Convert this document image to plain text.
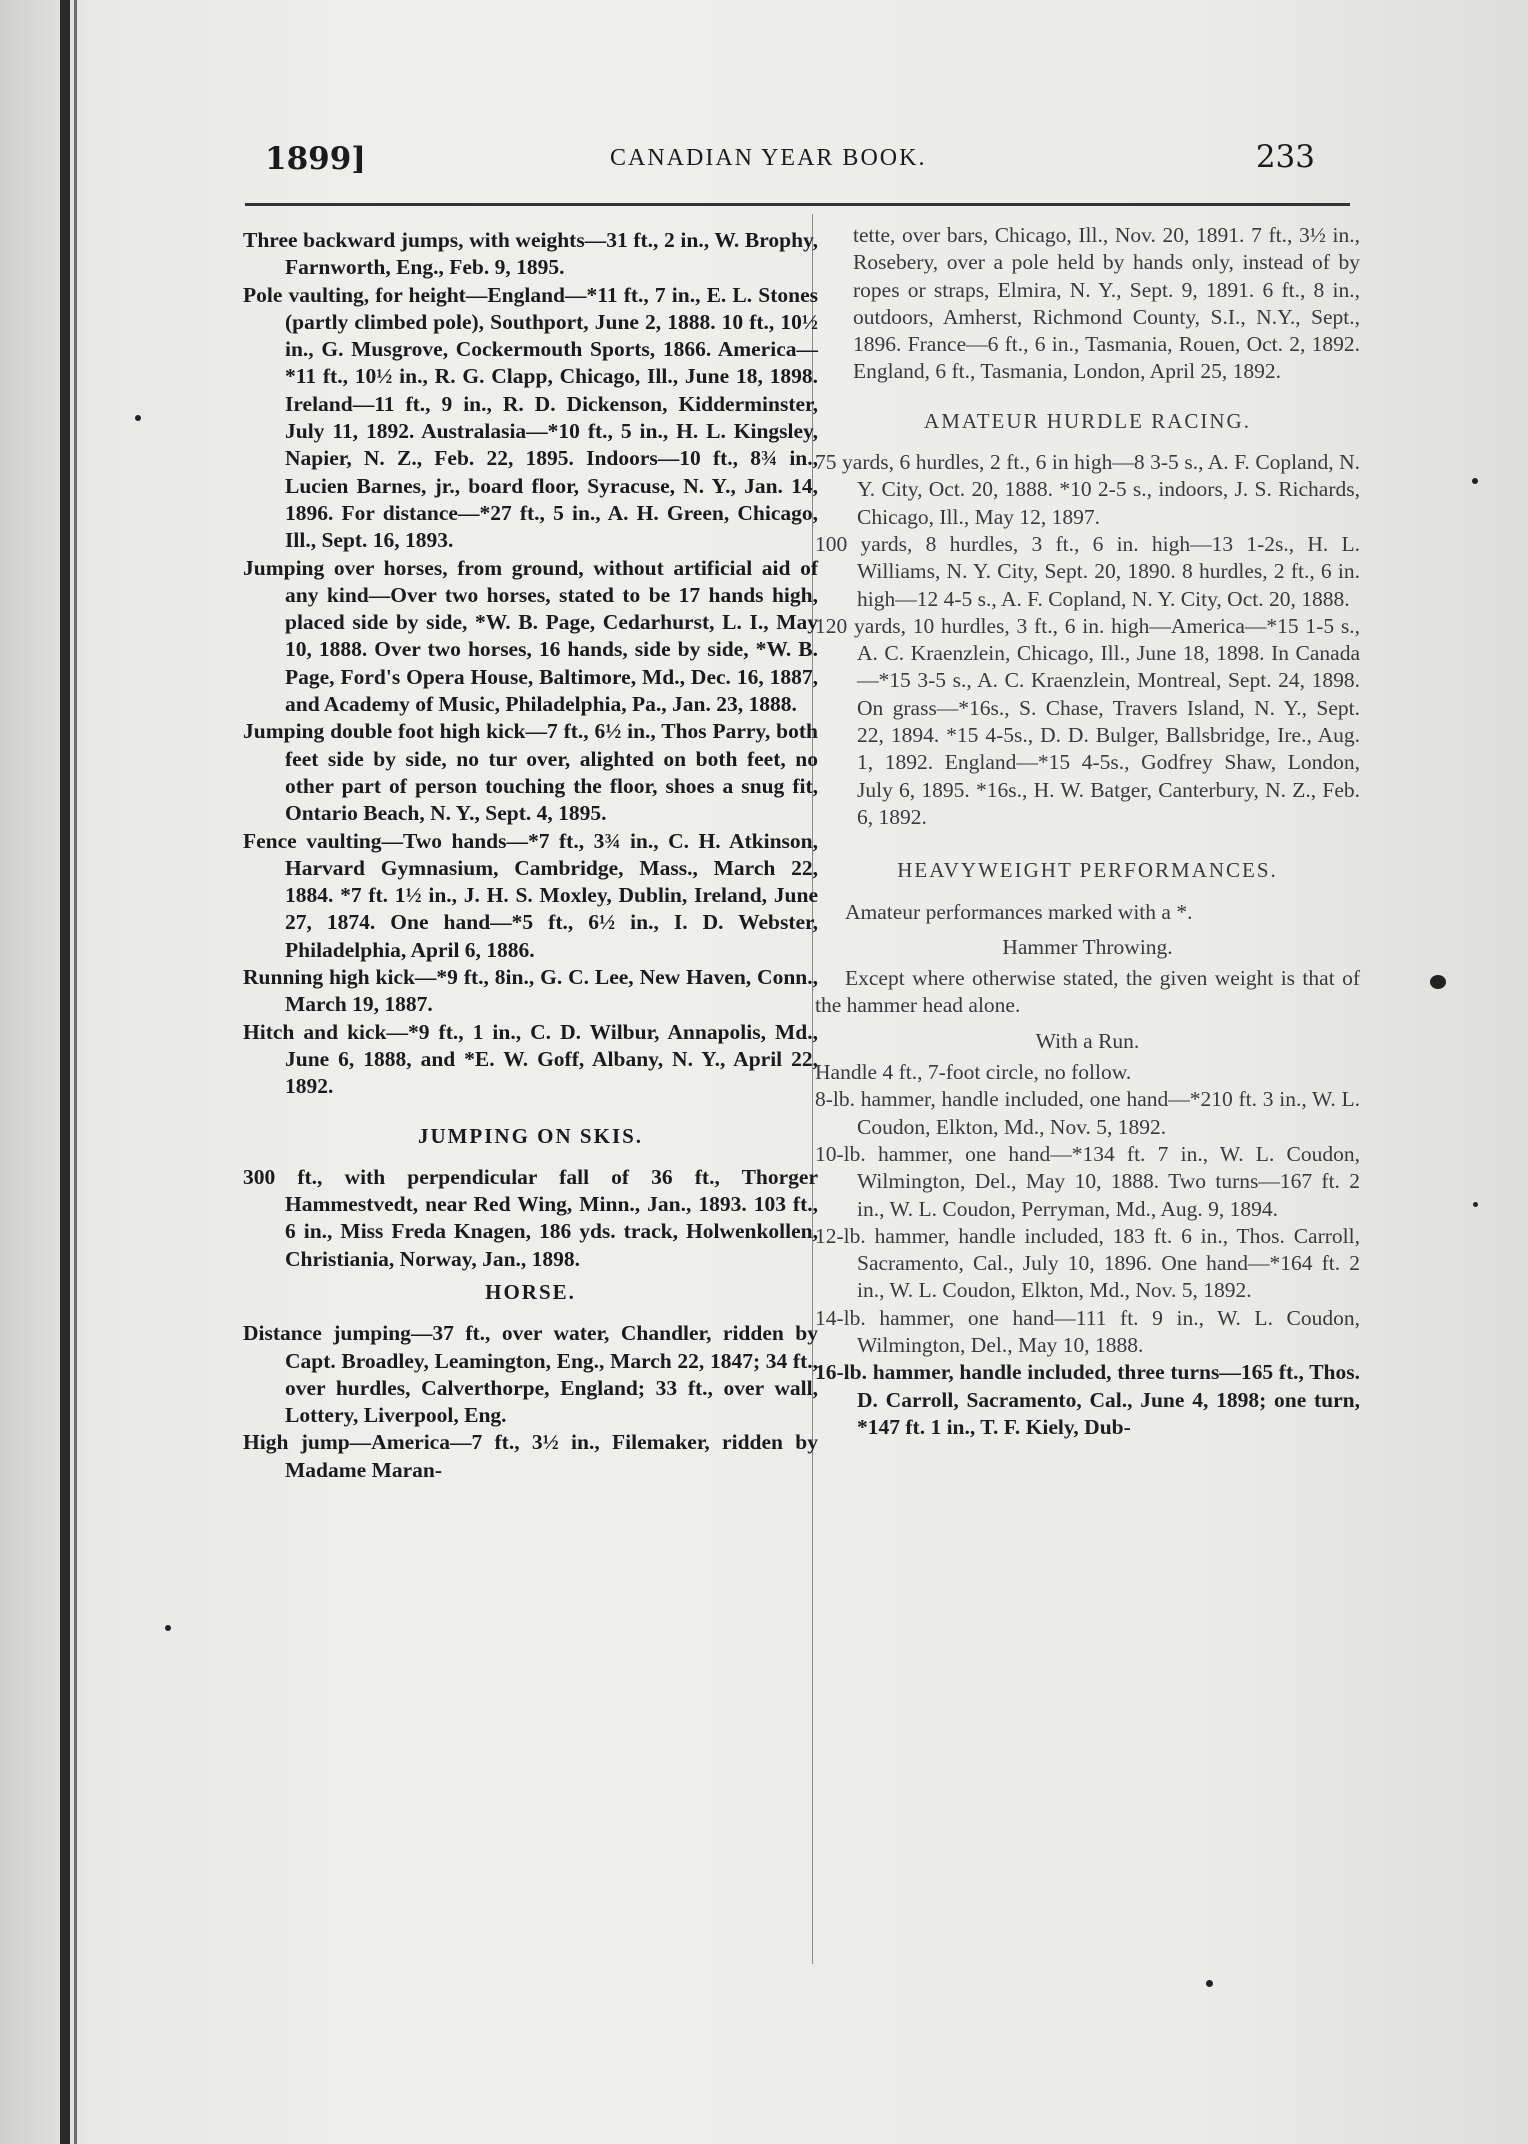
1899]	CANADIAN YEAR BOOK.	233

Three backward jumps, with weights—31 ft., 2 in., W. Brophy, Farnworth, Eng., Feb. 9, 1895.

Pole vaulting, for height—England—*11 ft., 7 in., E. L. Stones (partly climbed pole), Southport, June 2, 1888. 10 ft., 10½ in., G. Musgrove, Cockermouth Sports, 1866. America—*11 ft., 10½ in., R. G. Clapp, Chicago, Ill., June 18, 1898. Ireland—11 ft., 9 in., R. D. Dickenson, Kidderminster, July 11, 1892. Australasia—*10 ft., 5 in., H. L. Kingsley, Napier, N. Z., Feb. 22, 1895. Indoors—10 ft., 8¾ in., Lucien Barnes, jr., board floor, Syracuse, N. Y., Jan. 14, 1896. For distance—*27 ft., 5 in., A. H. Green, Chicago, Ill., Sept. 16, 1893.

Jumping over horses, from ground, without artificial aid of any kind—Over two horses, stated to be 17 hands high, placed side by side, *W. B. Page, Cedarhurst, L. I., May 10, 1888. Over two horses, 16 hands, side by side, *W. B. Page, Ford's Opera House, Baltimore, Md., Dec. 16, 1887, and Academy of Music, Philadelphia, Pa., Jan. 23, 1888.

Jumping double foot high kick—7 ft., 6½ in., Thos Parry, both feet side by side, no tur over, alighted on both feet, no other part of person touching the floor, shoes a snug fit, Ontario Beach, N. Y., Sept. 4, 1895.

Fence vaulting—Two hands—*7 ft., 3¾ in., C. H. Atkinson, Harvard Gymnasium, Cambridge, Mass., March 22, 1884. *7 ft. 1½ in., J. H. S. Moxley, Dublin, Ireland, June 27, 1874. One hand—*5 ft., 6½ in., I. D. Webster, Philadelphia, April 6, 1886.

Running high kick—*9 ft., 8in., G. C. Lee, New Haven, Conn., March 19, 1887.

Hitch and kick—*9 ft., 1 in., C. D. Wilbur, Annapolis, Md., June 6, 1888, and *E. W. Goff, Albany, N. Y., April 22, 1892.

JUMPING ON SKIS.

300 ft., with perpendicular fall of 36 ft., Thorger Hammestvedt, near Red Wing, Minn., Jan., 1893. 103 ft., 6 in., Miss Freda Knagen, 186 yds. track, Holwenkollen, Christiania, Norway, Jan., 1898.

HORSE.

Distance jumping—37 ft., over water, Chandler, ridden by Capt. Broadley, Leamington, Eng., March 22, 1847; 34 ft., over hurdles, Calverthorpe, England; 33 ft., over wall, Lottery, Liverpool, Eng.

High jump—America—7 ft., 3½ in., Filemaker, ridden by Madame Maran-

tette, over bars, Chicago, Ill., Nov. 20, 1891. 7 ft., 3½ in., Rosebery, over a pole held by hands only, instead of by ropes or straps, Elmira, N. Y., Sept. 9, 1891. 6 ft., 8 in., outdoors, Amherst, Richmond County, S.I., N.Y., Sept., 1896. France—6 ft., 6 in., Tasmania, Rouen, Oct. 2, 1892. England, 6 ft., Tasmania, London, April 25, 1892.

AMATEUR HURDLE RACING.

75 yards, 6 hurdles, 2 ft., 6 in high—8 3-5 s., A. F. Copland, N. Y. City, Oct. 20, 1888. *10 2-5 s., indoors, J. S. Richards, Chicago, Ill., May 12, 1897.

100 yards, 8 hurdles, 3 ft., 6 in. high—13 1-2s., H. L. Williams, N. Y. City, Sept. 20, 1890. 8 hurdles, 2 ft., 6 in. high—12 4-5 s., A. F. Copland, N. Y. City, Oct. 20, 1888.

120 yards, 10 hurdles, 3 ft., 6 in. high—America—*15 1-5 s., A. C. Kraenzlein, Chicago, Ill., June 18, 1898. In Canada—*15 3-5 s., A. C. Kraenzlein, Montreal, Sept. 24, 1898. On grass—*16s., S. Chase, Travers Island, N. Y., Sept. 22, 1894. *15 4-5s., D. D. Bulger, Ballsbridge, Ire., Aug. 1, 1892. England—*15 4-5s., Godfrey Shaw, London, July 6, 1895. *16s., H. W. Batger, Canterbury, N. Z., Feb. 6, 1892.

HEAVYWEIGHT PERFORMANCES.

Amateur performances marked with a *.

Hammer Throwing.

Except where otherwise stated, the given weight is that of the hammer head alone.

With a Run.

Handle 4 ft., 7-foot circle, no follow.

8-lb. hammer, handle included, one hand—*210 ft. 3 in., W. L. Coudon, Elkton, Md., Nov. 5, 1892.

10-lb. hammer, one hand—*134 ft. 7 in., W. L. Coudon, Wilmington, Del., May 10, 1888. Two turns—167 ft. 2 in., W. L. Coudon, Perryman, Md., Aug. 9, 1894.

12-lb. hammer, handle included, 183 ft. 6 in., Thos. Carroll, Sacramento, Cal., July 10, 1896. One hand—*164 ft. 2 in., W. L. Coudon, Elkton, Md., Nov. 5, 1892.

14-lb. hammer, one hand—111 ft. 9 in., W. L. Coudon, Wilmington, Del., May 10, 1888.

16-lb. hammer, handle included, three turns—165 ft., Thos. D. Carroll, Sacramento, Cal., June 4, 1898; one turn, *147 ft. 1 in., T. F. Kiely, Dub-
